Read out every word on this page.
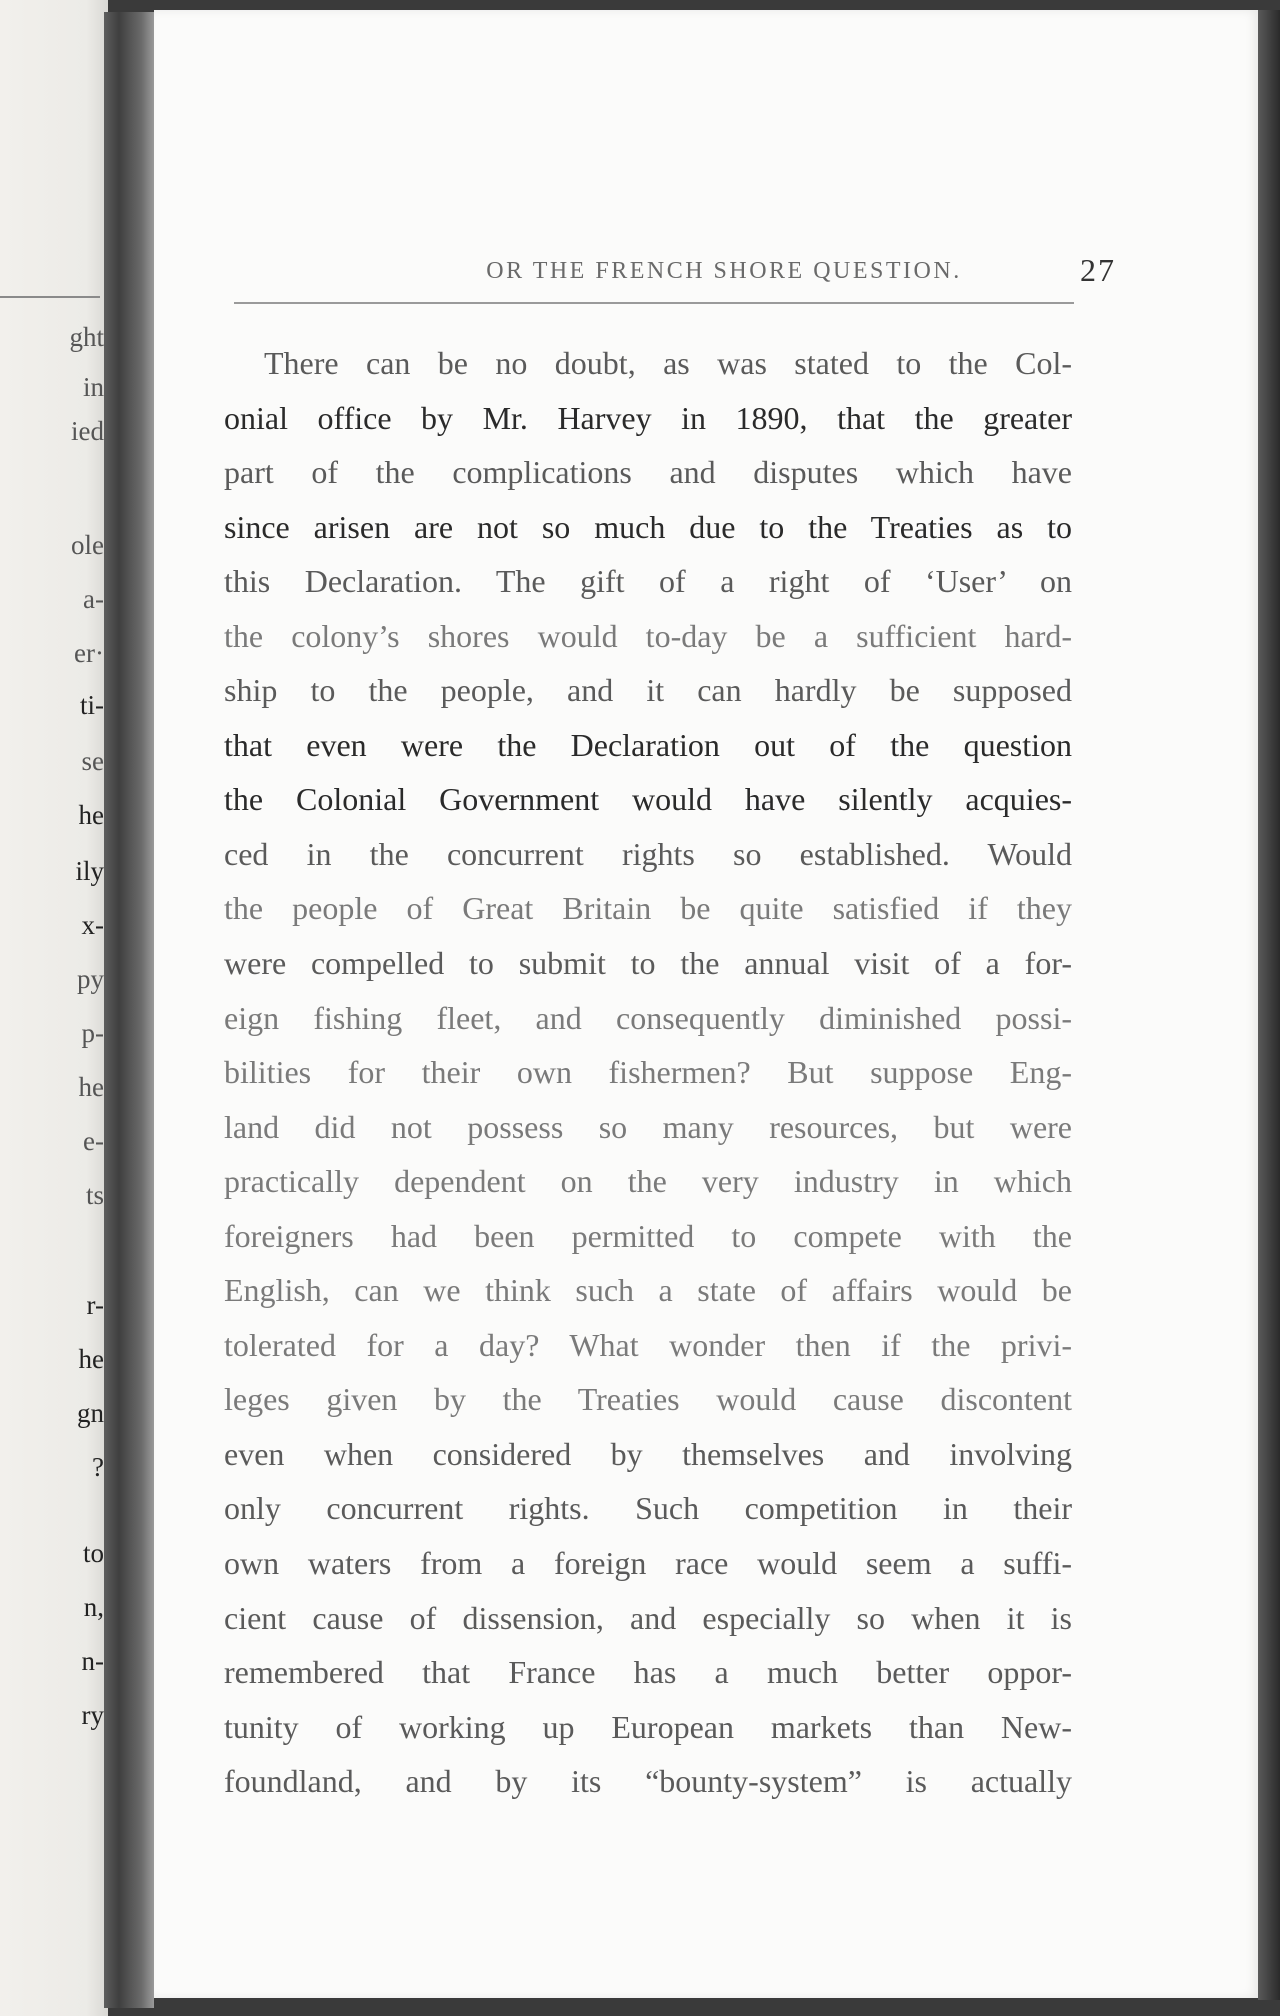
ght
in
ied
ole
a-
er·
ti-
se
he
ily
x-
py
p-
he
e-
ts
r-
he
gn
?
to
n,
n-
ry
OR THE FRENCH SHORE QUESTION.	27
There can be no doubt, as was stated to the Col-
onial office by Mr. Harvey in 1890, that the greater
part of the complications and disputes which have
since arisen are not so much due to the Treaties as to
this Declaration. The gift of a right of ‘User’ on
the colony’s shores would to-day be a sufficient hard-
ship to the people, and it can hardly be supposed
that even were the Declaration out of the question
the Colonial Government would have silently acquies-
ced in the concurrent rights so established. Would
the people of Great Britain be quite satisfied if they
were compelled to submit to the annual visit of a for-
eign fishing fleet, and consequently diminished possi-
bilities for their own fishermen? But suppose Eng-
land did not possess so many resources, but were
practically dependent on the very industry in which
foreigners had been permitted to compete with the
English, can we think such a state of affairs would be
tolerated for a day? What wonder then if the privi-
leges given by the Treaties would cause discontent
even when considered by themselves and involving
only concurrent rights. Such competition in their
own waters from a foreign race would seem a suffi-
cient cause of dissension, and especially so when it is
remembered that France has a much better oppor-
tunity of working up European markets than New-
foundland, and by its “bounty-system” is actually
